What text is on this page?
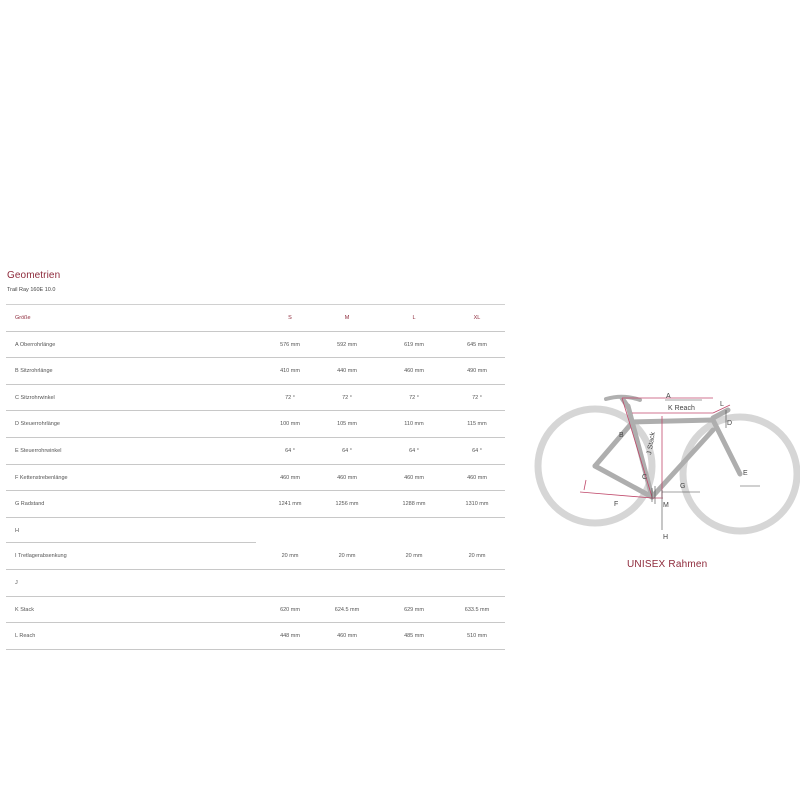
Geometrien
Trail Ray 160E 10.0
Größe	S	M	L	XL
A Oberrohrlänge	576 mm	592 mm	619 mm	645 mm
B Sitzrohrlänge	410 mm	440 mm	460 mm	490 mm
C Sitzrohrwinkel	72 °	72 °	72 °	72 °
D Steuerrohrlänge	100 mm	105 mm	110 mm	115 mm
E Steuerrohrwinkel	64 °	64 °	64 °	64 °
F Kettenstrebenlänge	460 mm	460 mm	460 mm	460 mm
G Radstand	1241 mm	1256 mm	1288 mm	1310 mm
H
I Tretlagerabsenkung	20 mm	20 mm	20 mm	20 mm
J
K Stack	620 mm	624.5 mm	629 mm	633.5 mm
L Reach	448 mm	460 mm	485 mm	510 mm
A
K Reach
L
D
B	J Stack
C
E
G
M
F
H
UNISEX Rahmen
